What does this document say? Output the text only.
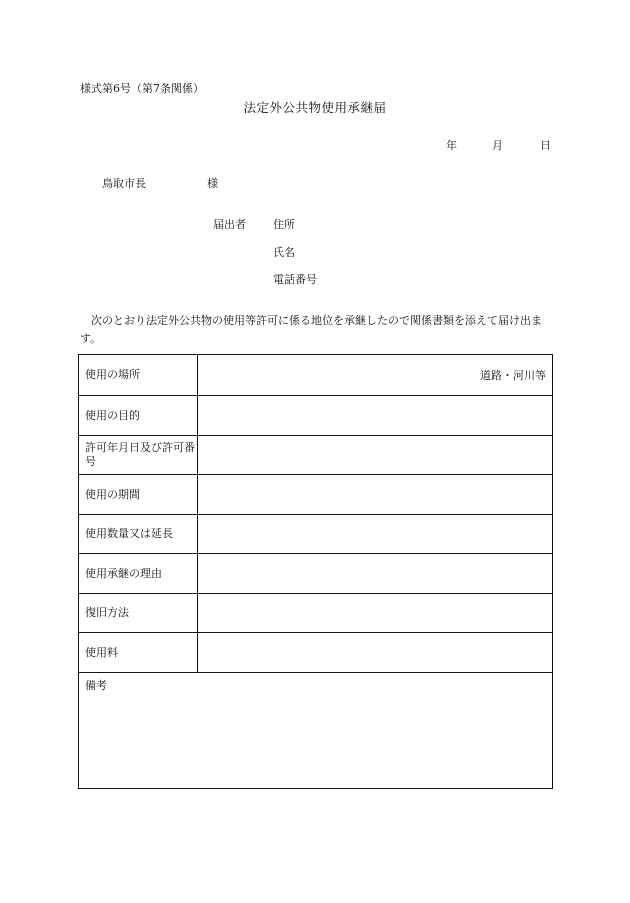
様式第6号（第7条関係）
法定外公共物使用承継届
年	月	日
鳥取市長	様
届出者 住所
氏名
電話番号
次のとおり法定外公共物の使用等許可に係る地位を承継したので関係書類を添えて届け出ます。
使用の場所	道路・河川等
使用の目的
許可年月日及び許可番号
使用の期間
使用数量又は延長
使用承継の理由
復旧方法
使用料
備考
